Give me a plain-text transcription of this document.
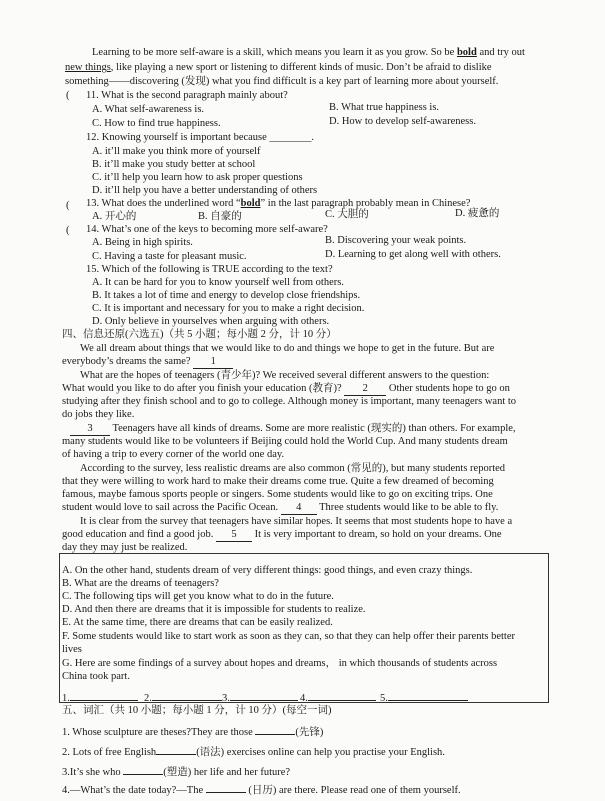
Learning to be more self-aware is a skill, which means you learn it as you grow. So be bold and try out
new things, like playing a new sport or listening to different kinds of music. Don’t be afraid to dislike
something——discovering (发现) what you find difficult is a key part of learning more about yourself.
( 11. What is the second paragraph mainly about?
A. What self-awareness is.	B. What true happiness is.
C. How to find true happiness.	D. How to develop self-awareness.
12. Knowing yourself is important because ________.
A. it’ll make you think more of yourself
B. it’ll make you study better at school
C. it’ll help you learn how to ask proper questions
D. it’ll help you have a better understanding of others
( 13. What does the underlined word “bold” in the last paragraph probably mean in Chinese?
A. 开心的	B. 自豪的	C. 大胆的	D. 疲惫的
( 14. What’s one of the keys to becoming more self-aware?
A. Being in high spirits.	B. Discovering your weak points.
C. Having a taste for pleasant music.	D. Learning to get along well with others.
15. Which of the following is TRUE according to the text?
A. It can be hard for you to know yourself well from others.
B. It takes a lot of time and energy to develop close friendships.
C. It is important and necessary for you to make a right decision.
D. Only believe in yourselves when arguing with others.
四、信息还原(六选五)（共 5 小题；每小题 2 分，计 10 分）
We all dream about things that we would like to do and things we hope to get in the future. But are
everybody’s dreams the same? 1
What are the hopes of teenagers (青少年)? We received several different answers to the question:
What would you like to do after you finish your education (教育)? 2 Other students hope to go on
studying after they finish school and to go to college. Although money is important, many teenagers want to
do jobs they like.
3 Teenagers have all kinds of dreams. Some are more realistic (现实的) than others. For example,
many students would like to be volunteers if Beijing could hold the World Cup. And many students dream
of having a trip to every corner of the world one day.
According to the survey, less realistic dreams are also common (常见的), but many students reported
that they were willing to work hard to make their dreams come true. Quite a few dreamed of becoming
famous, maybe famous sports people or singers. Some students would like to go on exciting trips. One
student would love to sail across the Pacific Ocean. 4 Three students would like to be able to fly.
It is clear from the survey that teenagers have similar hopes. It seems that most students hope to have a
good education and find a good job. 5 It is very important to dream, so hold on your dreams. One
day they may just be realized.
A. On the other hand, students dream of very different things: good things, and even crazy things.
B. What are the dreams of teenagers?
C. The following tips will get you know what to do in the future.
D. And then there are dreams that it is impossible for students to realize.
E. At the same time, there are dreams that can be easily realized.
F. Some students would like to start work as soon as they can, so that they can help offer their parents better
lives
G. Here are some findings of a survey about hopes and dreams， in which thousands of students across
China took part.
1.	2.	3.	4.	5.
五、词汇（共 10 小题；每小题 1 分，计 10 分）(每空一词)
1. Whose sculpture are theses?They are those	(先锋)
2. Lots of free English	(语法) exercises online can help you practise your English.
3.It’s she who	(塑造) her life and her future?
4.—What’s the date today?—The	(日历) are there. Please read one of them yourself.
